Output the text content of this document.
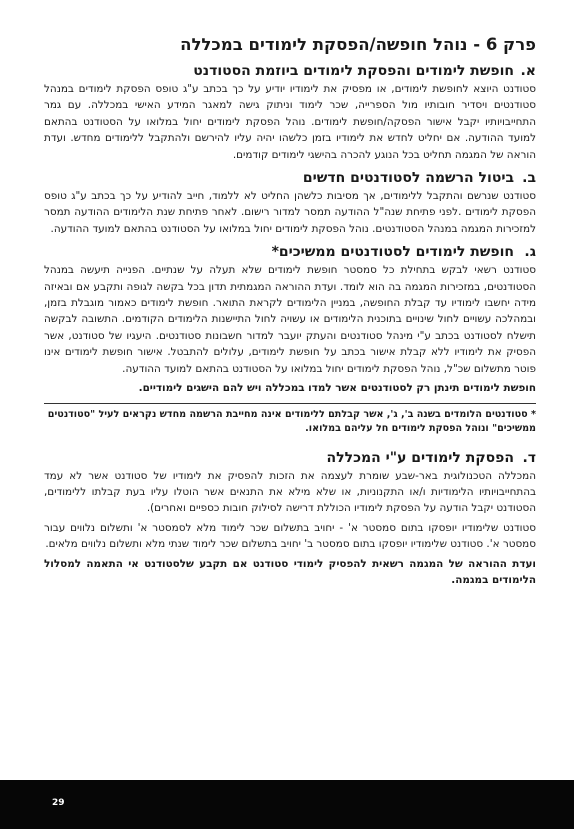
פרק 6 - נוהל חופשה/הפסקת לימודים במכללה
א.
חופשת לימודים והפסקת לימודים ביוזמת הסטודנט

סטודנט היוצא לחופשת לימודים, או מפסיק את לימודיו יודיע על כך בכתב ע"ג טופס הפסקת לימודים במנהל סטודנטים ויסדיר חובותיו מול הספרייה, שכר לימוד וניתוק גישה למאגר המידע האישי במכללה. עם גמר התחייבויותיו יקבל אישור הפסקה/חופשת לימודים. נוהל הפסקת לימודים יחול במלואו על הסטודנט בהתאם למועד ההודעה. אם יחליט לחדש את לימודיו בזמן כלשהו יהיה עליו להירשם ולהתקבל ללימודים מחדש. ועדת הוראה של המגמה תחליט בכל הנוגע להכרה בהישגי לימודים קודמים.

ב.
ביטול הרשמה לסטודנטים חדשים

סטודנט שנרשם והתקבל ללימודים, אך מסיבות כלשהן החליט לא ללמוד, חייב להודיע על כך בכתב ע"ג טופס הפסקת לימודים .לפני פתיחת שנה"ל ההודעה תמסר למדור רישום. לאחר פתיחת שנת הלימודים ההודעה תמסר למזכירות המגמה במנהל הסטודנטים. נוהל הפסקת לימודים יחול במלואו על הסטודנט בהתאם למועד ההודעה.

ג.
חופשת לימודים לסטודנטים ממשיכים*

סטודנט רשאי לבקש בתחילת כל סמסטר חופשת לימודים שלא תעלה על שנתיים. הפנייה תיעשה במנהל הסטודנטים, במזכירות המגמה בה הוא לומד. ועדת ההוראה המגמתית תדון בכל בקשה לגופה ותקבע אם ובאיזה מידה יחשבו לימודיו עד קבלת החופשה, במניין הלימודים לקראת התואר. חופשת לימודים כאמור מוגבלת בזמן, ובמהלכה עשויים לחול שינויים בתוכנית הלימודים או עשויה לחול התיישנות הלימודים הקודמים. התשובה לבקשה תישלח לסטודנט בכתב ע"י מינהל סטודנטים והעתק יועבר למדור חשבונות סטודנטים. היעגיו של סטודנט, אשר הפסיק את לימודיו ללא קבלת אישור בכתב על חופשת לימודים, עלולים להתבטל. אישור חופשת לימודים אינו פוטר מתשלום שכ"ל, נוהל הפסקת לימודים יחול במלואו על הסטודנט בהתאם למועד ההודעה.

חופשת לימודים תינתן רק לסטודנטים אשר למדו במכללה ויש להם הישגים לימודיים.

* סטודנטים הלומדים בשנה ב', ג', אשר קבלתם ללימודים אינה מחייבת הרשמה מחדש נקראים לעיל "סטודנטים ממשיכים" ונוהל הפסקת לימודים חל עליהם במלואו.
ד.
הפסקת לימודים ע"י המכללה

המכללה הטכנולוגית באר-שבע שומרת לעצמה את הזכות להפסיק את לימודיו של סטודנט אשר לא עמד בהתחייבויותיו הלימודיות ו/או התקנוניות, או שלא מילא את התנאים אשר הוטלו עליו בעת קבלתו ללימודים, הסטודנט יקבל הודעה על הפסקת לימודיו הכוללת דרישה לסילוק חובות כספיים ואחרים).

סטודנט שלימודיו יופסקו בתום סמסטר א' - יחויב בתשלום שכר לימוד מלא לסמסטר א' ותשלום נלווים עבור סמסטר א'. סטודנט שלימודיו יופסקו בתום סמסטר ב' יחויב בתשלום שכר לימוד שנתי מלא ותשלום נלווים מלאים.

ועדת ההוראה של המגמה רשאית להפסיק לימודי סטודנט אם תקבע שלסטודנט אי התאמה למסלול הלימודים במגמה.

29
